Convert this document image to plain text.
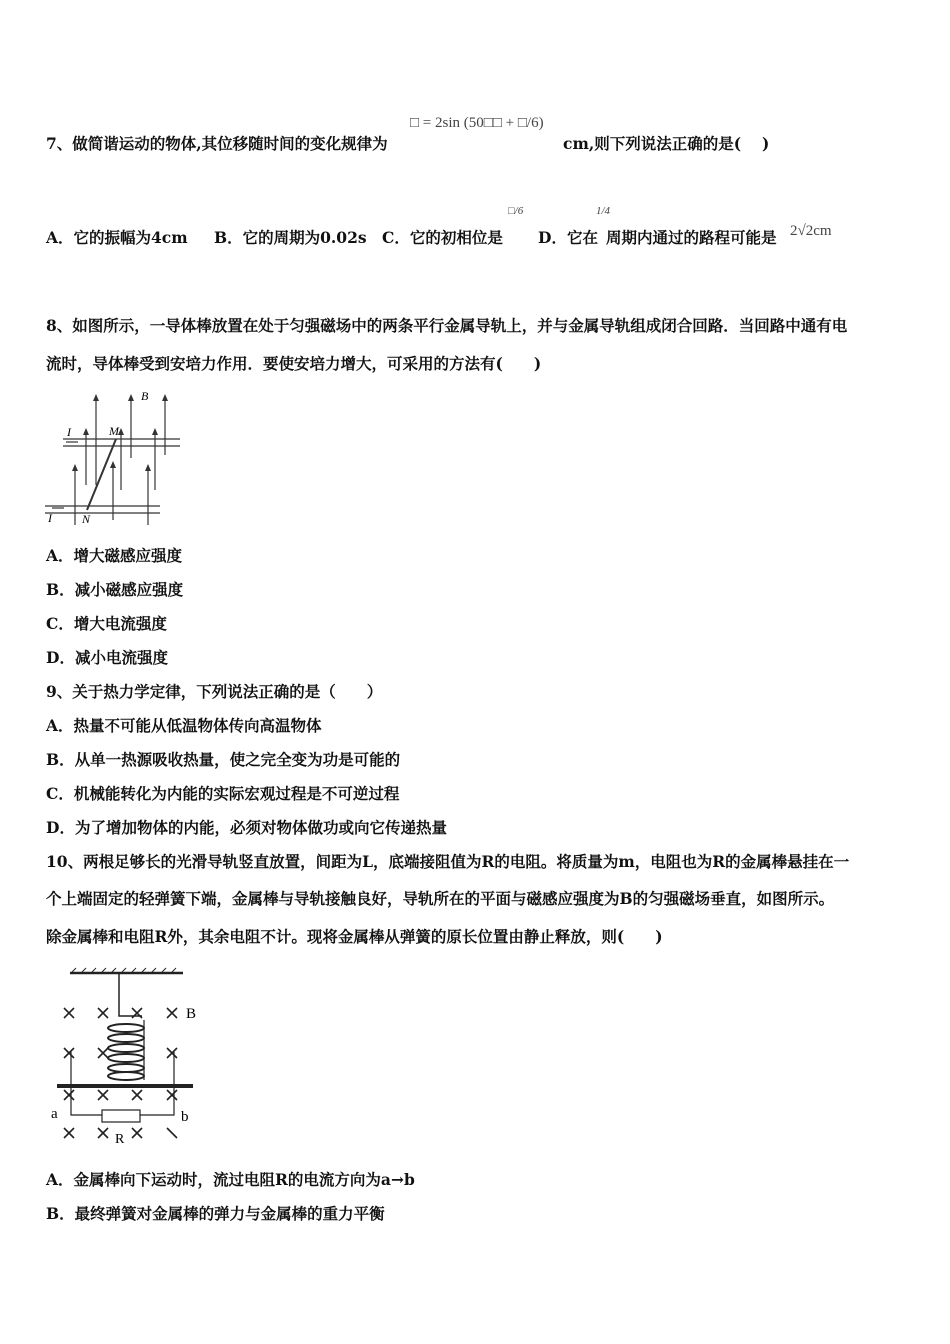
7、做简谐运动的物体,其位移随时间的变化规律为
□ = 2sin (50□□ + □/6)
cm,则下列说法正确的是(　 )
A．它的振幅为4cm B．它的周期为0.02s C．它的初相位是
□/6
D．它在
1/4
周期内通过的路程可能是 2√2cm
8、如图所示，一导体棒放置在处于匀强磁场中的两条平行金属导轨上，并与金属导轨组成闭合回路．当回路中通有电
流时，导体棒受到安培力作用．要使安培力增大，可采用的方法有(　　)
B
I	M
I	N
A．增大磁感应强度
B．减小磁感应强度
C．增大电流强度
D．减小电流强度
9、关于热力学定律，下列说法正确的是（　　）
A．热量不可能从低温物体传向高温物体
B．从单一热源吸收热量，使之完全变为功是可能的
C．机械能转化为内能的实际宏观过程是不可逆过程
D．为了增加物体的内能，必须对物体做功或向它传递热量
10、两根足够长的光滑导轨竖直放置，间距为L，底端接阻值为R的电阻。将质量为m，电阻也为R的金属棒悬挂在一
个上端固定的轻弹簧下端，金属棒与导轨接触良好，导轨所在的平面与磁感应强度为B的匀强磁场垂直，如图所示。
除金属棒和电阻R外，其余电阻不计。现将金属棒从弹簧的原长位置由静止释放，则(　　)
B
a	b
R
A．金属棒向下运动时，流过电阻R的电流方向为a→b
B．最终弹簧对金属棒的弹力与金属棒的重力平衡
